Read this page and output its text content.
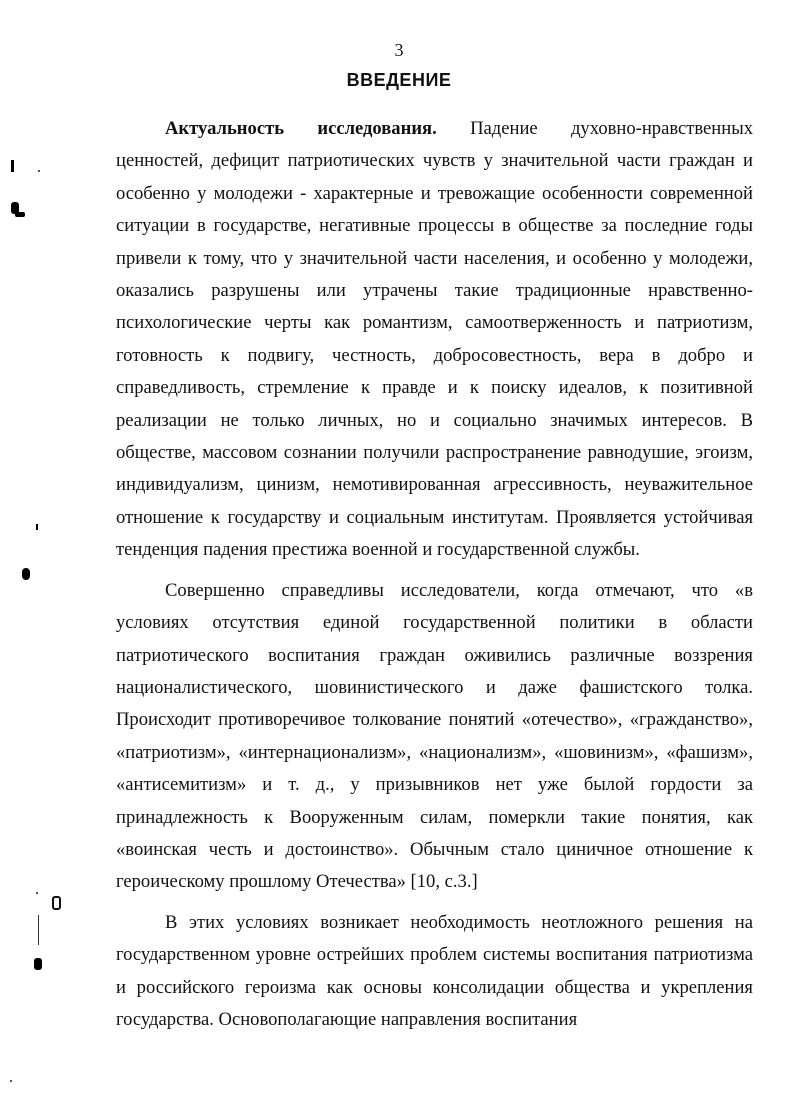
3
ВВЕДЕНИЕ

Актуальность исследования. Падение духовно-нравственных ценностей, дефицит патриотических чувств у значительной части граждан и особенно у молодежи - характерные и тревожащие особенности современной ситуации в государстве, негативные процессы в обществе за последние годы привели к тому, что у значительной части населения, и особенно у молодежи, оказались разрушены или утрачены такие традиционные нравственно-психологические черты как романтизм, самоотверженность и патриотизм, готовность к подвигу, честность, добросовестность, вера в добро и справедливость, стремление к правде и к поиску идеалов, к позитивной реализации не только личных, но и социально значимых интересов. В обществе, массовом сознании получили распространение равнодушие, эгоизм, индивидуализм, цинизм, немотивированная агрессивность, неуважительное отношение к государству и социальным институтам. Проявляется устойчивая тенденция падения престижа военной и государственной службы.

Совершенно справедливы исследователи, когда отмечают, что «в условиях отсутствия единой государственной политики в области патриотического воспитания граждан оживились различные воззрения националистического, шовинистического и даже фашистского толка. Происходит противоречивое толкование понятий «отечество», «гражданство», «патриотизм», «интернационализм», «национализм», «шовинизм», «фашизм», «антисемитизм» и т. д., у призывников нет уже былой гордости за принадлежность к Вооруженным силам, померкли такие понятия, как «воинская честь и достоинство». Обычным стало циничное отношение к героическому прошлому Отечества» [10, с.3.]

В этих условиях возникает необходимость неотложного решения на государственном уровне острейших проблем системы воспитания патриотизма и российского героизма как основы консолидации общества и укрепления государства. Основополагающие направления воспитания
